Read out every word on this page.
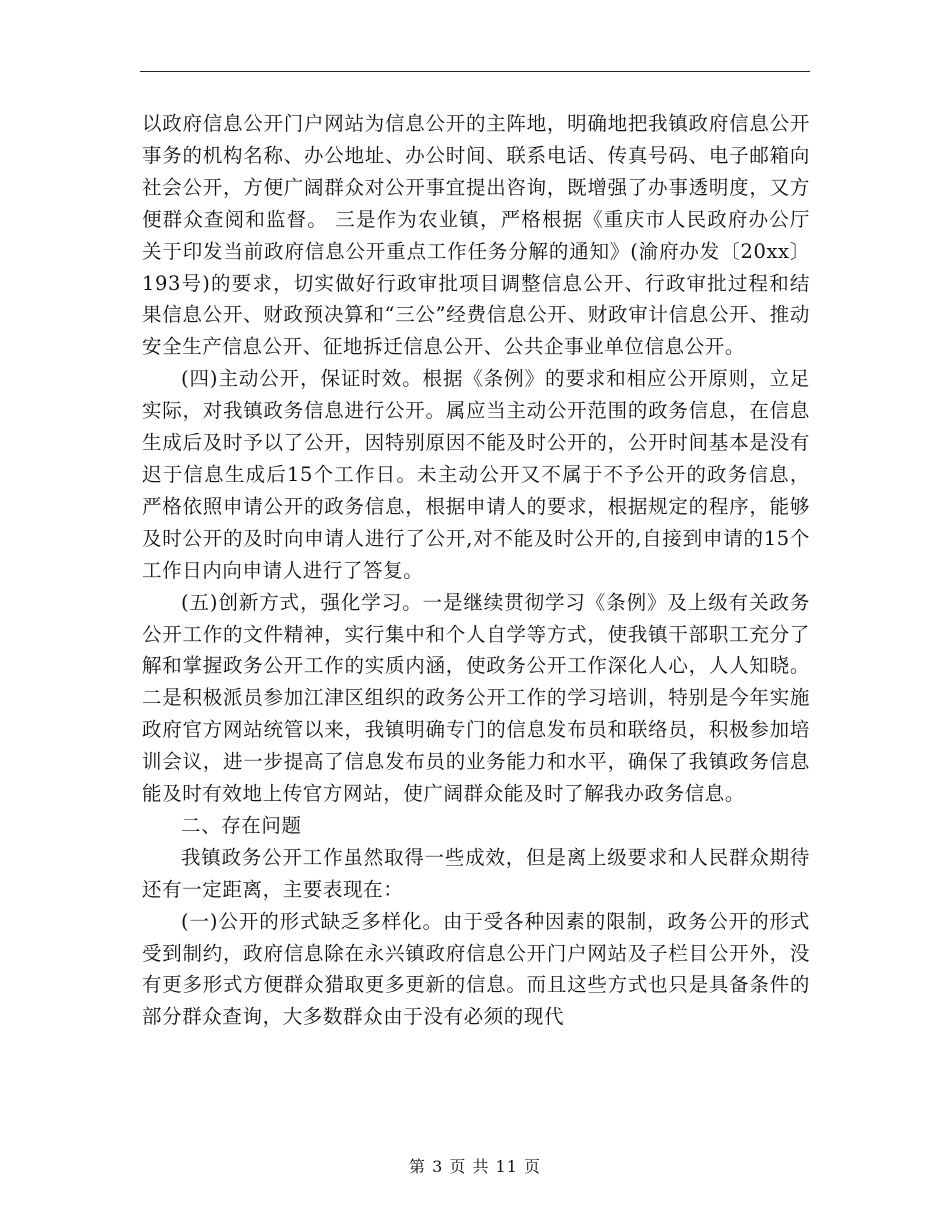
以政府信息公开门户网站为信息公开的主阵地，明确地把我镇政府信息公开事务的机构名称、办公地址、办公时间、联系电话、传真号码、电子邮箱向社会公开，方便广阔群众对公开事宜提出咨询，既增强了办事透明度，又方便群众查阅和监督。 三是作为农业镇，严格根据《重庆市人民政府办公厅关于印发当前政府信息公开重点工作任务分解的通知》(渝府办发〔20xx〕193号)的要求，切实做好行政审批项目调整信息公开、行政审批过程和结果信息公开、财政预决算和“三公”经费信息公开、财政审计信息公开、推动安全生产信息公开、征地拆迁信息公开、公共企事业单位信息公开。

(四)主动公开，保证时效。根据《条例》的要求和相应公开原则，立足实际，对我镇政务信息进行公开。属应当主动公开范围的政务信息，在信息生成后及时予以了公开，因特别原因不能及时公开的，公开时间基本是没有迟于信息生成后15个工作日。未主动公开又不属于不予公开的政务信息，严格依照申请公开的政务信息，根据申请人的要求，根据规定的程序，能够及时公开的及时向申请人进行了公开,对不能及时公开的,自接到申请的15个工作日内向申请人进行了答复。

(五)创新方式，强化学习。一是继续贯彻学习《条例》及上级有关政务公开工作的文件精神，实行集中和个人自学等方式，使我镇干部职工充分了解和掌握政务公开工作的实质内涵，使政务公开工作深化人心，人人知晓。二是积极派员参加江津区组织的政务公开工作的学习培训，特别是今年实施政府官方网站统管以来，我镇明确专门的信息发布员和联络员，积极参加培训会议，进一步提高了信息发布员的业务能力和水平，确保了我镇政务信息能及时有效地上传官方网站，使广阔群众能及时了解我办政务信息。

二、存在问题

我镇政务公开工作虽然取得一些成效，但是离上级要求和人民群众期待还有一定距离，主要表现在：

(一)公开的形式缺乏多样化。由于受各种因素的限制，政务公开的形式受到制约，政府信息除在永兴镇政府信息公开门户网站及子栏目公开外，没有更多形式方便群众猎取更多更新的信息。而且这些方式也只是具备条件的部分群众查询，大多数群众由于没有必须的现代

第 3 页 共 11 页
